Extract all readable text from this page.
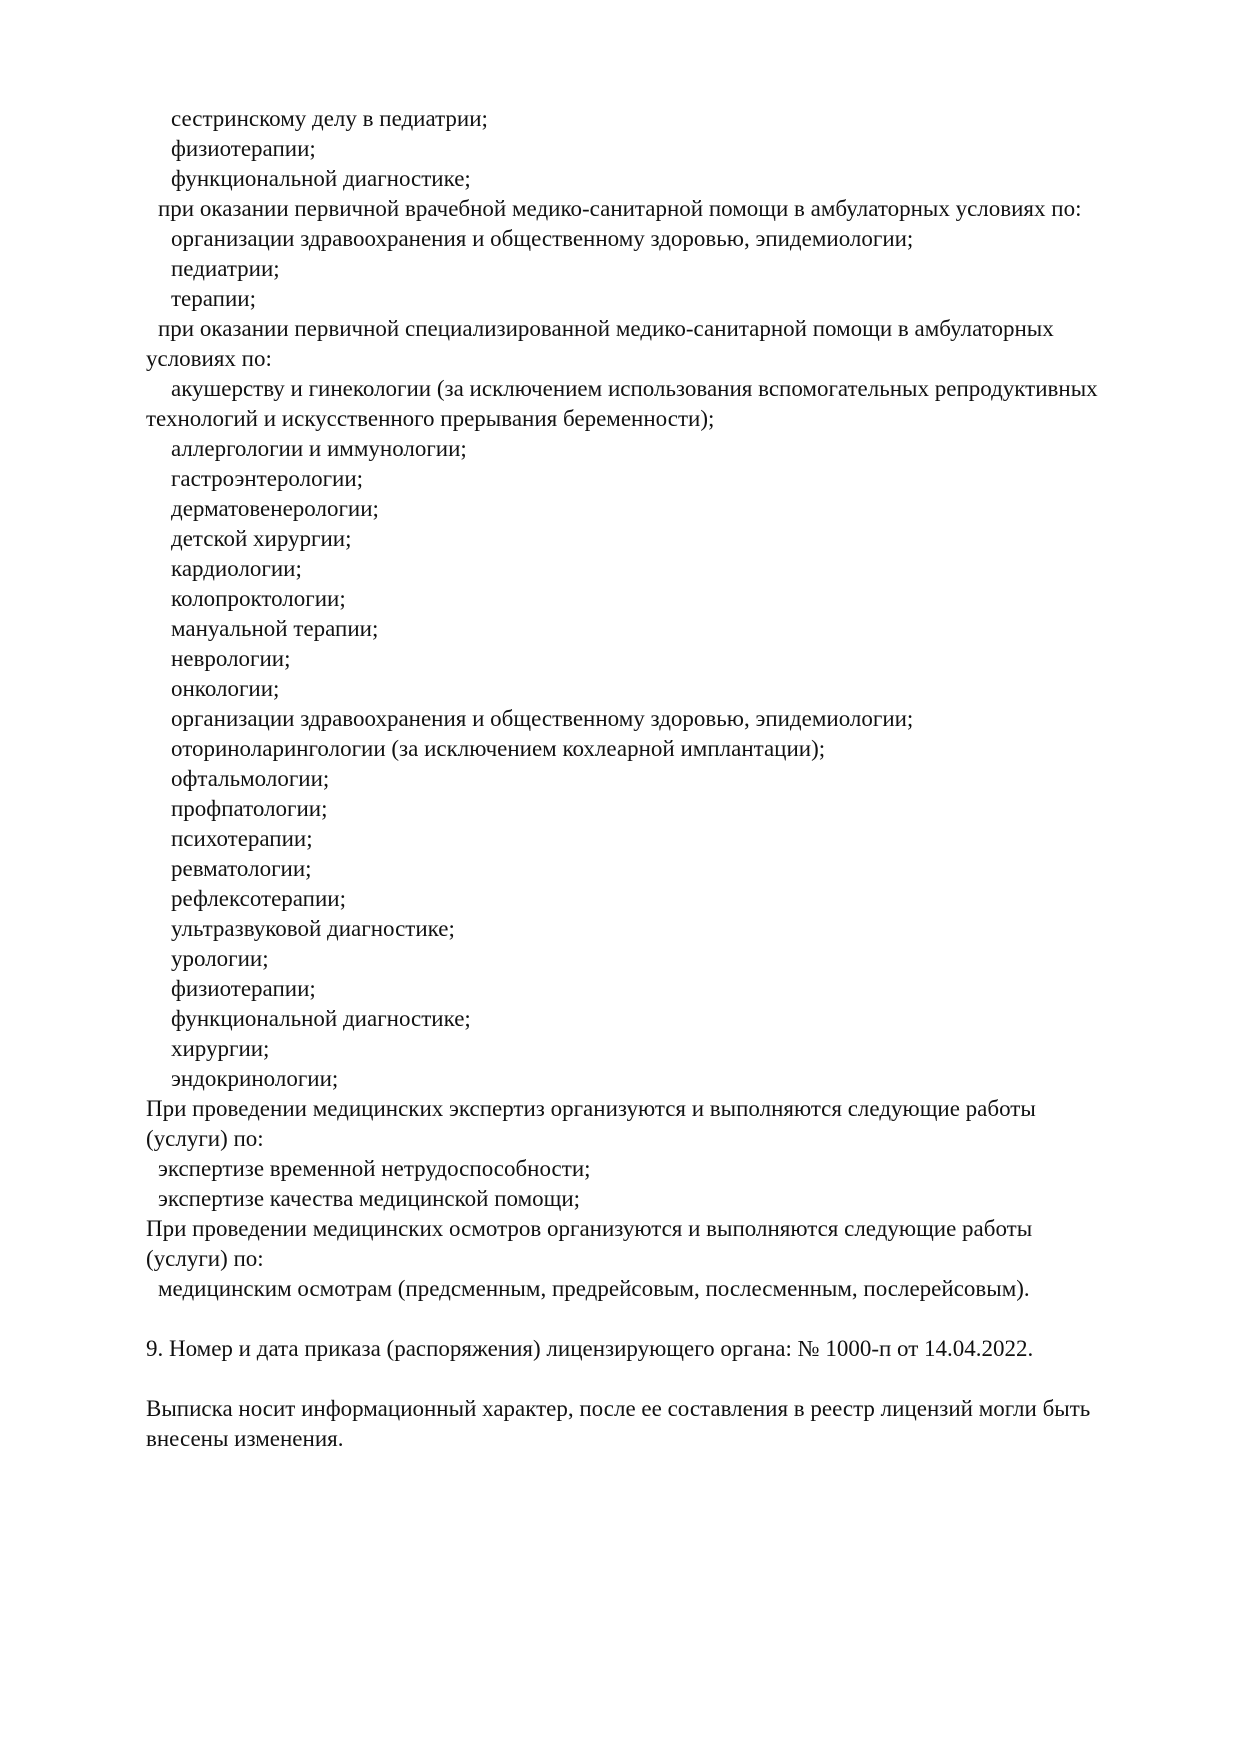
сестринскому делу в педиатрии;

физиотерапии;

функциональной диагностике;

при оказании первичной врачебной медико-санитарной помощи в амбулаторных условиях по:

организации здравоохранения и общественному здоровью, эпидемиологии;

педиатрии;

терапии;

при оказании первичной специализированной медико-санитарной помощи в амбулаторных

условиях по:

акушерству и гинекологии (за исключением использования вспомогательных репродуктивных

технологий и искусственного прерывания беременности);

аллергологии и иммунологии;

гастроэнтерологии;

дерматовенерологии;

детской хирургии;

кардиологии;

колопроктологии;

мануальной терапии;

неврологии;

онкологии;

организации здравоохранения и общественному здоровью, эпидемиологии;

оториноларингологии (за исключением кохлеарной имплантации);

офтальмологии;

профпатологии;

психотерапии;

ревматологии;

рефлексотерапии;

ультразвуковой диагностике;

урологии;

физиотерапии;

функциональной диагностике;

хирургии;

эндокринологии;

При проведении медицинских экспертиз организуются и выполняются следующие работы

(услуги) по:

экспертизе временной нетрудоспособности;

экспертизе качества медицинской помощи;

При проведении медицинских осмотров организуются и выполняются следующие работы

(услуги) по:

медицинским осмотрам (предсменным, предрейсовым, послесменным, послерейсовым).

9. Номер и дата приказа (распоряжения) лицензирующего органа: № 1000-п от 14.04.2022.

Выписка носит информационный характер, после ее составления в реестр лицензий могли быть

внесены изменения.
